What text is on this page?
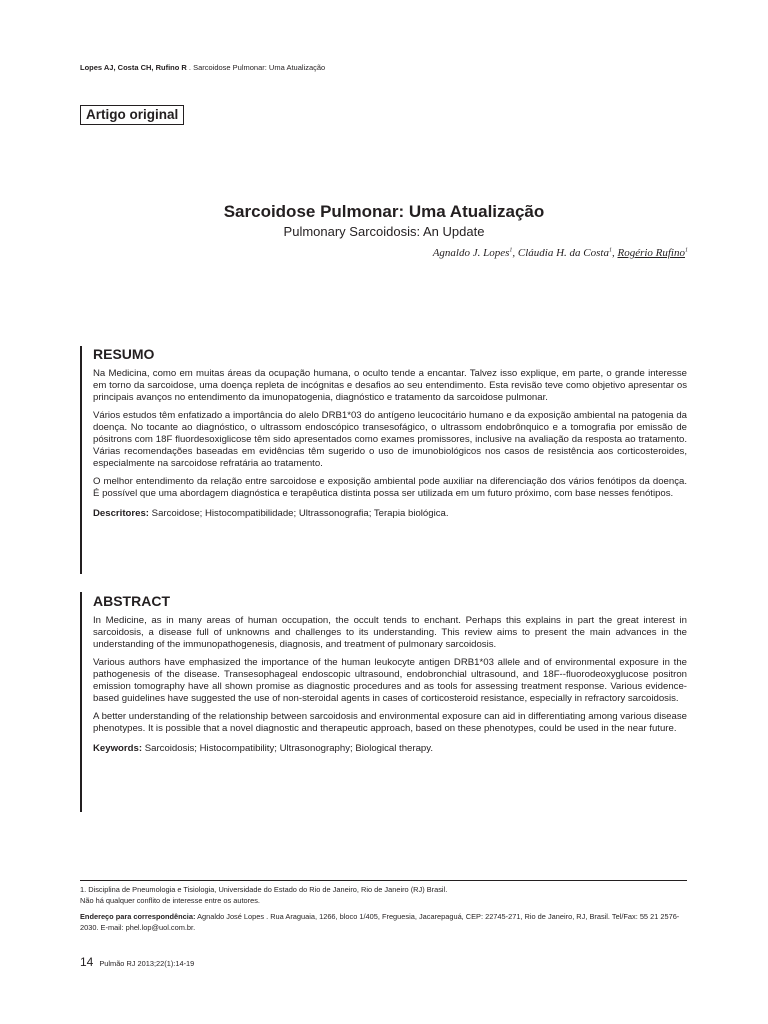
Lopes AJ, Costa CH, Rufino R . Sarcoidose Pulmonar: Uma Atualização
Artigo original
Sarcoidose Pulmonar: Uma Atualização
Pulmonary Sarcoidosis: An Update
Agnaldo J. Lopes$^1$, Cláudia H. da Costa$^1$, Rogério Rufino$^1$
RESUMO

Na Medicina, como em muitas áreas da ocupação humana, o oculto tende a encantar. Talvez isso explique, em parte, o grande interesse em torno da sarcoidose, uma doença repleta de incógnitas e desafios ao seu entendimento. Esta revisão teve como objetivo apresentar os principais avanços no entendimento da imunopatogenia, diagnóstico e tratamento da sarcoidose pulmonar.

Vários estudos têm enfatizado a importância do alelo DRB1*03 do antígeno leucocitário humano e da exposição ambiental na patogenia da doença. No tocante ao diagnóstico, o ultrassom endoscópico transesofágico, o ultrassom endobrônquico e a tomografia por emissão de pósitrons com 18F fluordesoxiglicose têm sido apresentados como exames promissores, inclusive na avaliação da resposta ao tratamento. Várias recomendações baseadas em evidências têm sugerido o uso de imunobiológicos nos casos de resistência aos corticosteroides, especialmente na sarcoidose refratária ao tratamento.

O melhor entendimento da relação entre sarcoidose e exposição ambiental pode auxiliar na diferenciação dos vários fenótipos da doença. É possível que uma abordagem diagnóstica e terapêutica distinta possa ser utilizada em um futuro próximo, com base nesses fenótipos.

Descritores: Sarcoidose; Histocompatibilidade; Ultrassonografia; Terapia biológica.

ABSTRACT

In Medicine, as in many areas of human occupation, the occult tends to enchant. Perhaps this explains in part the great interest in sarcoidosis, a disease full of unknowns and challenges to its understanding. This review aims to present the main advances in the understanding of the immunopathogenesis, diagnosis, and treatment of pulmonary sarcoidosis.

Various authors have emphasized the importance of the human leukocyte antigen DRB1*03 allele and of environmental exposure in the pathogenesis of the disease. Transesophageal endoscopic ultrasound, endobronchial ultrasound, and 18F--fluorodeoxyglucose positron emission tomography have all shown promise as diagnostic procedures and as tools for assessing treatment response. Various evidence-based guidelines have suggested the use of non-steroidal agents in cases of corticosteroid resistance, especially in refractory sarcoidosis.

A better understanding of the relationship between sarcoidosis and environmental exposure can aid in differentiating among various disease phenotypes. It is possible that a novel diagnostic and therapeutic approach, based on these phenotypes, could be used in the near future.

Keywords: Sarcoidosis; Histocompatibility; Ultrasonography; Biological therapy.

1. Disciplina de Pneumologia e Tisiologia, Universidade do Estado do Rio de Janeiro, Rio de Janeiro (RJ) Brasil.

Não há qualquer conflito de interesse entre os autores.

Endereço para correspondência: Agnaldo José Lopes . Rua Araguaia, 1266, bloco 1/405, Freguesia, Jacarepaguá, CEP: 22745-271, Rio de Janeiro, RJ, Brasil. Tel/Fax: 55 21 2576-2030. E-mail: phel.lop@uol.com.br.

14 Pulmão RJ 2013;22(1):14-19
